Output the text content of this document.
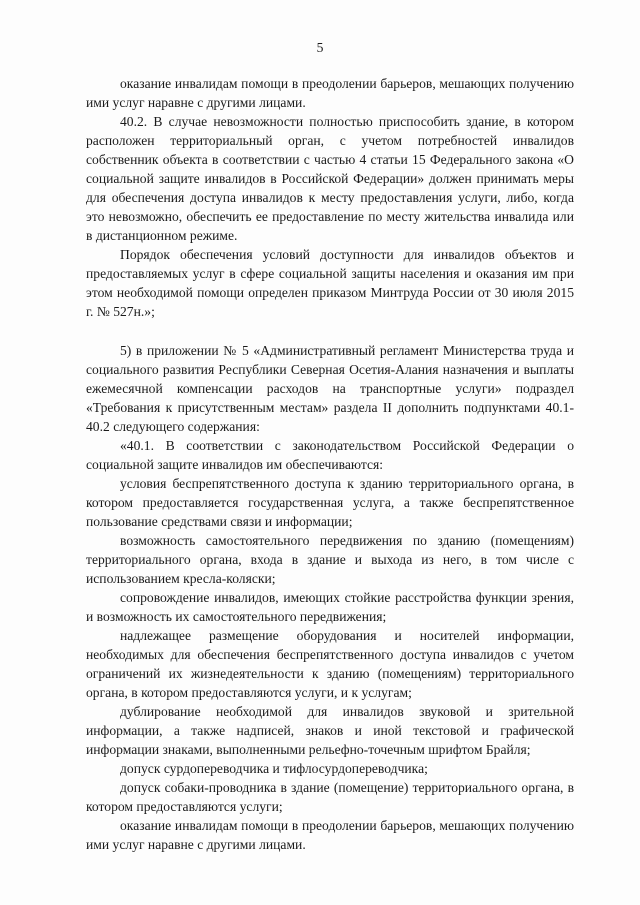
5

оказание инвалидам помощи в преодолении барьеров, мешающих получению ими услуг наравне с другими лицами.

40.2. В случае невозможности полностью приспособить здание, в котором расположен территориальный орган, с учетом потребностей инвалидов собственник объекта в соответствии с частью 4 статьи 15 Федерального закона «О социальной защите инвалидов в Российской Федерации» должен принимать меры для обеспечения доступа инвалидов к месту предоставления услуги, либо, когда это невозможно, обеспечить ее предоставление по месту жительства инвалида или в дистанционном режиме.

Порядок обеспечения условий доступности для инвалидов объектов и предоставляемых услуг в сфере социальной защиты населения и оказания им при этом необходимой помощи определен приказом Минтруда России от 30 июля 2015 г. № 527н.»;

5) в приложении № 5 «Административный регламент Министерства труда и социального развития Республики Северная Осетия-Алания назначения и выплаты ежемесячной компенсации расходов на транспортные услуги» подраздел «Требования к присутственным местам» раздела II дополнить подпунктами 40.1- 40.2 следующего содержания:

«40.1. В соответствии с законодательством Российской Федерации о социальной защите инвалидов им обеспечиваются:

условия беспрепятственного доступа к зданию территориального органа, в котором предоставляется государственная услуга, а также беспрепятственное пользование средствами связи и информации;

возможность самостоятельного передвижения по зданию (помещениям) территориального органа, входа в здание и выхода из него, в том числе с использованием кресла-коляски;

сопровождение инвалидов, имеющих стойкие расстройства функции зрения, и возможность их самостоятельного передвижения;

надлежащее размещение оборудования и носителей информации, необходимых для обеспечения беспрепятственного доступа инвалидов с учетом ограничений их жизнедеятельности к зданию (помещениям) территориального органа, в котором предоставляются услуги, и к услугам;

дублирование необходимой для инвалидов звуковой и зрительной информации, а также надписей, знаков и иной текстовой и графической информации знаками, выполненными рельефно-точечным шрифтом Брайля;

допуск сурдопереводчика и тифлосурдопереводчика;

допуск собаки-проводника в здание (помещение) территориального органа, в котором предоставляются услуги;

оказание инвалидам помощи в преодолении барьеров, мешающих получению ими услуг наравне с другими лицами.
